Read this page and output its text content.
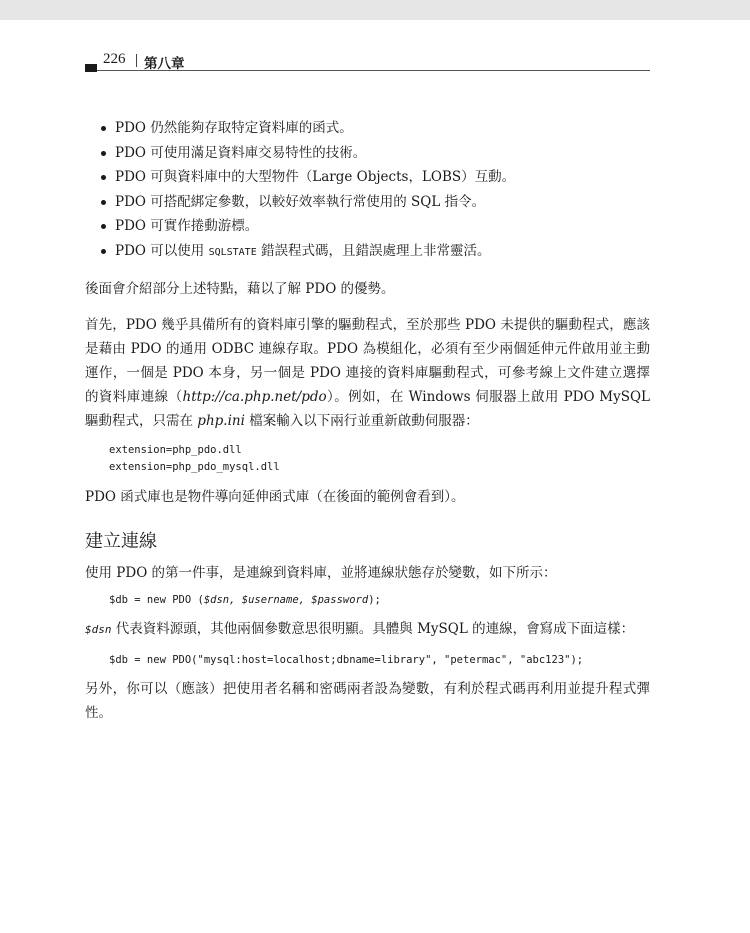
226 第八章
PDO 仍然能夠存取特定資料庫的函式。
PDO 可使用滿足資料庫交易特性的技術。
PDO 可與資料庫中的大型物件（Large Objects，LOBS）互動。
PDO 可搭配綁定參數，以較好效率執行常使用的 SQL 指令。
PDO 可實作捲動游標。
PDO 可以使用 SQLSTATE 錯誤程式碼，且錯誤處理上非常靈活。

後面會介紹部分上述特點，藉以了解 PDO 的優勢。

首先，PDO 幾乎具備所有的資料庫引擎的驅動程式，至於那些 PDO 未提供的驅動程式，應該是藉由 PDO 的通用 ODBC 連線存取。PDO 為模組化，必須有至少兩個延伸元件啟用並主動運作，一個是 PDO 本身，另一個是 PDO 連接的資料庫驅動程式，可參考線上文件建立選擇的資料庫連線（http://ca.php.net/pdo）。例如，在 Windows 伺服器上啟用 PDO MySQL 驅動程式，只需在 php.ini 檔案輸入以下兩行並重新啟動伺服器：

extension=php_pdo.dll
extension=php_pdo_mysql.dll

PDO 函式庫也是物件導向延伸函式庫（在後面的範例會看到）。

建立連線

使用 PDO 的第一件事，是連線到資料庫，並將連線狀態存於變數，如下所示：

$db = new PDO ($dsn, $username, $password);

$dsn 代表資料源頭，其他兩個參數意思很明顯。具體與 MySQL 的連線，會寫成下面這樣：

$db = new PDO("mysql:host=localhost;dbname=library", "petermac", "abc123");

另外，你可以（應該）把使用者名稱和密碼兩者設為變數，有利於程式碼再利用並提升程式彈性。
